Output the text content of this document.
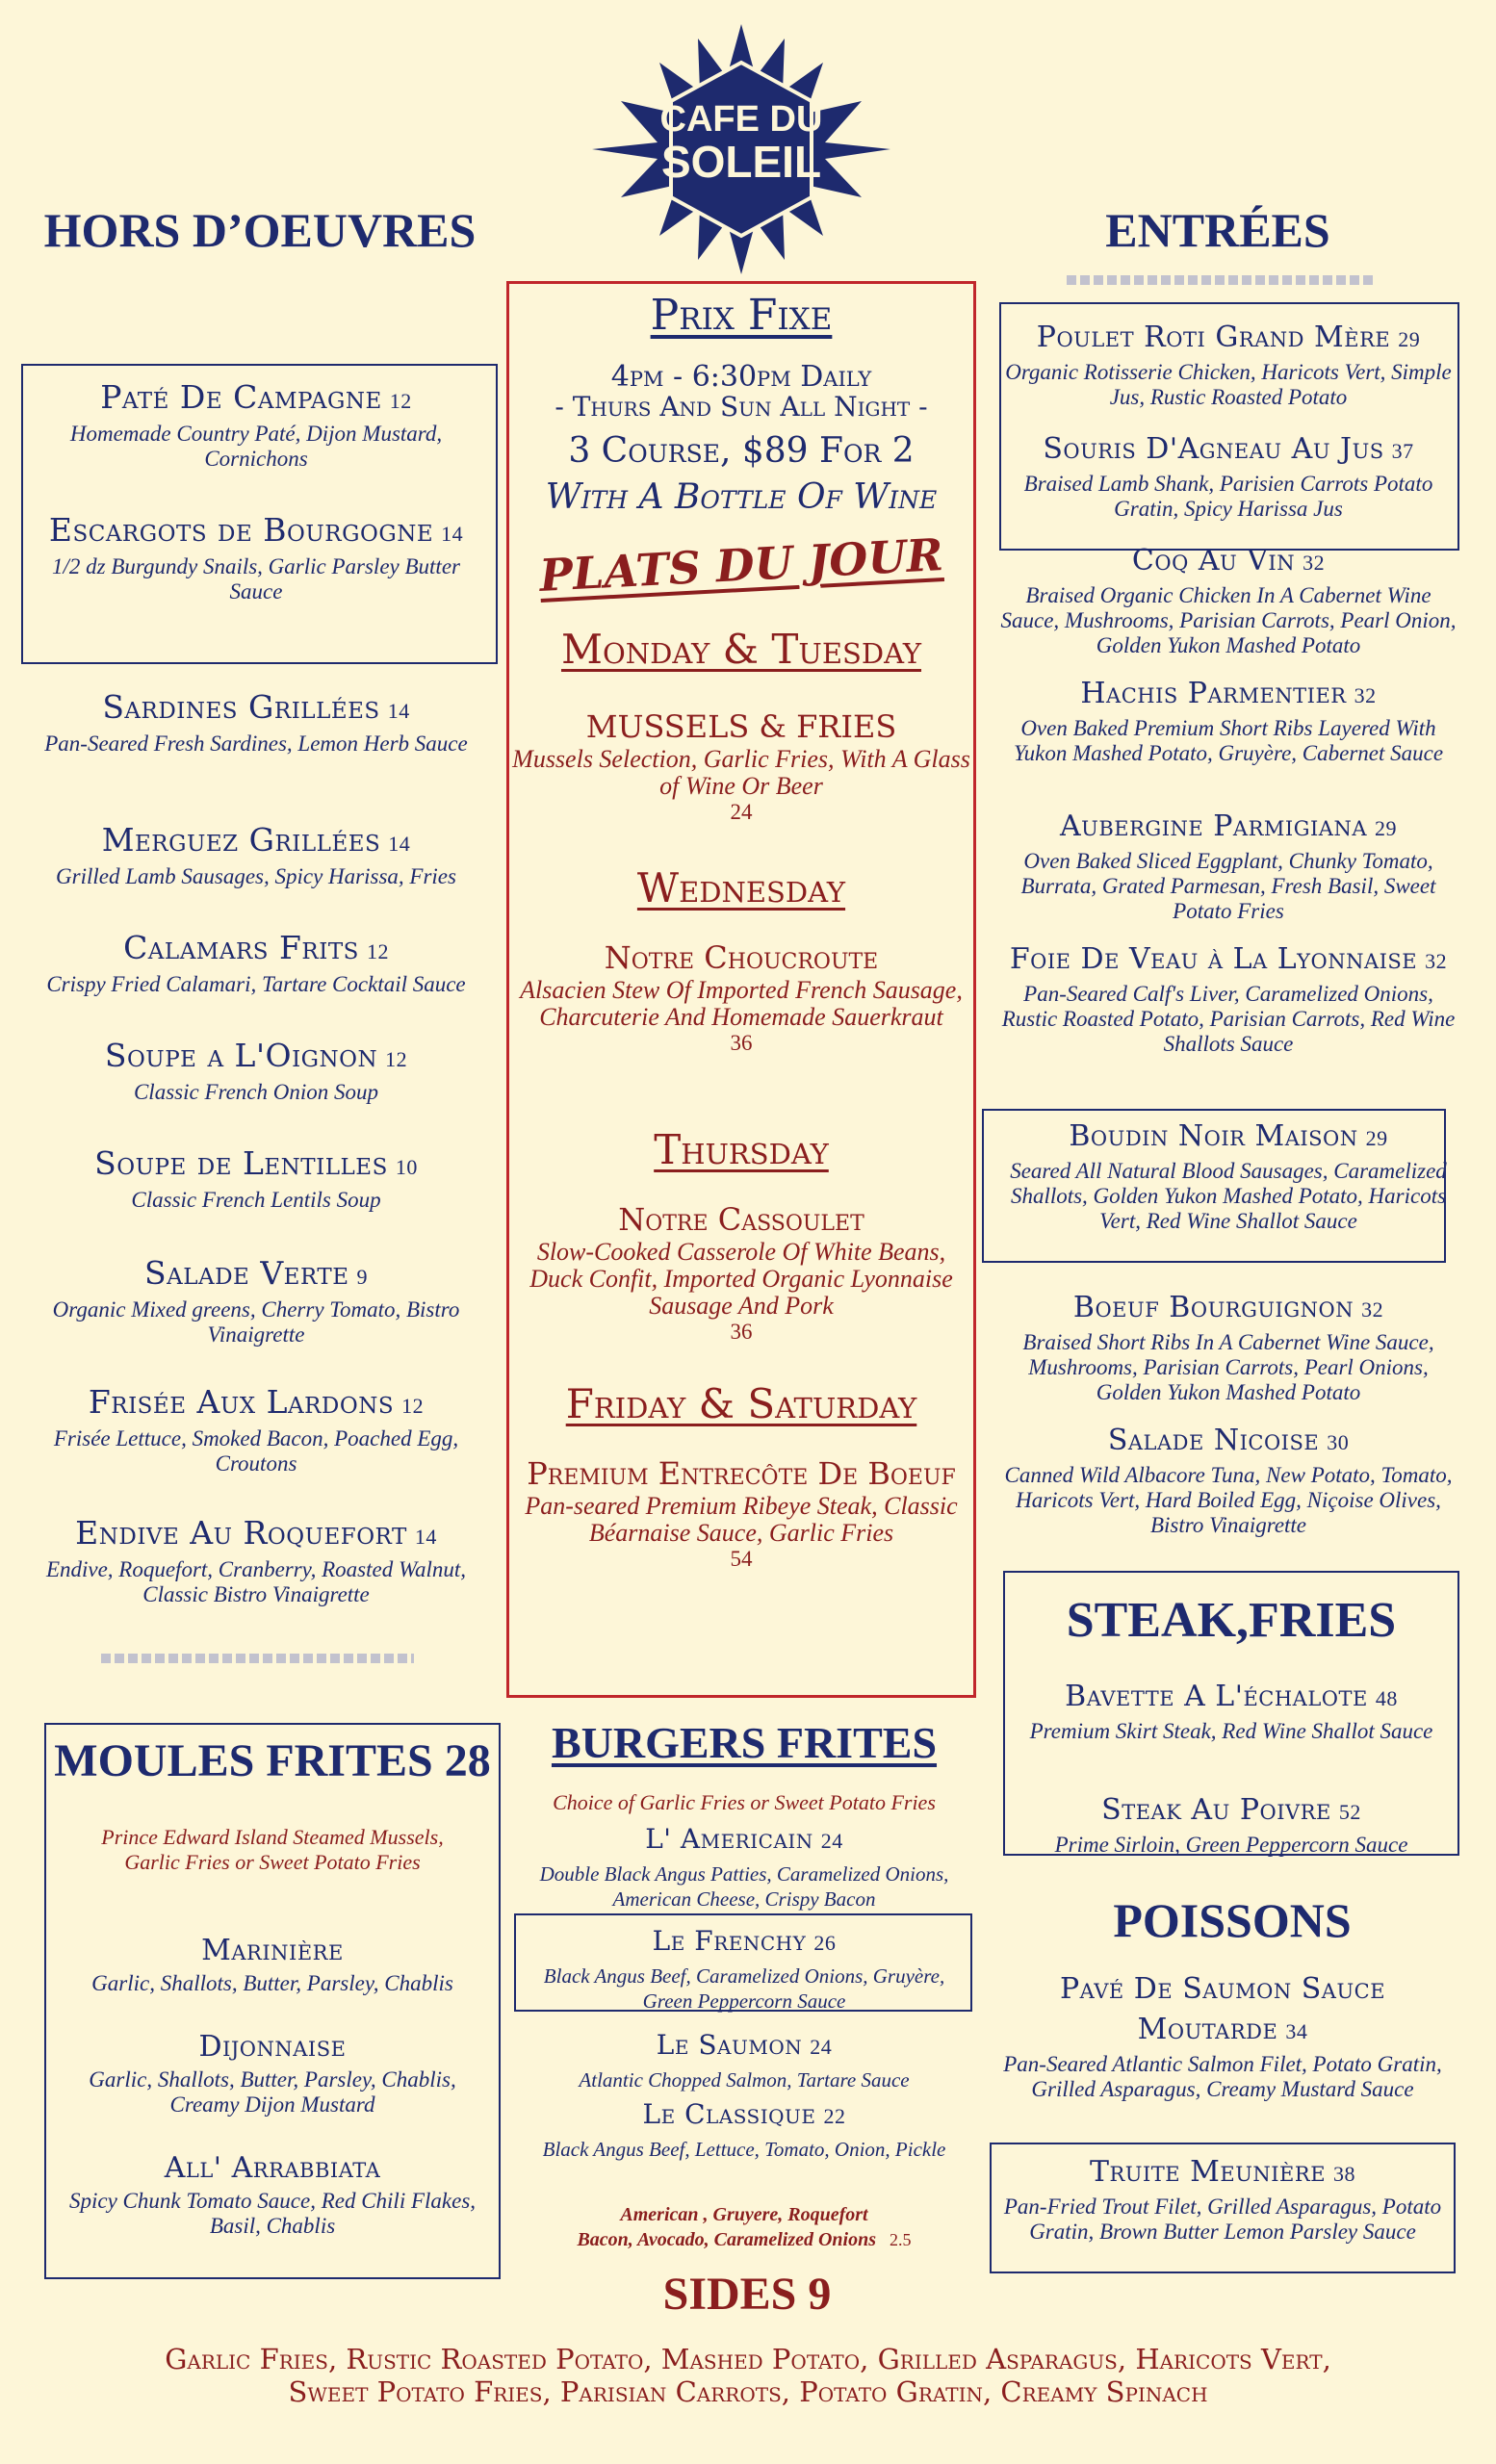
CAFE DU
SOLEIL
HORS D’OEUVRES
Paté De Campagne 12
Homemade Country Paté, Dijon Mustard, Cornichons
Escargots de Bourgogne 14
1/2 dz Burgundy Snails, Garlic Parsley Butter Sauce
Sardines Grillées 14
Pan-Seared Fresh Sardines, Lemon Herb Sauce
Merguez Grillées 14
Grilled Lamb Sausages, Spicy Harissa, Fries
Calamars Frits 12
Crispy Fried Calamari, Tartare Cocktail Sauce
Soupe a L'Oignon 12
Classic French Onion Soup
Soupe de Lentilles 10
Classic French Lentils Soup
Salade Verte 9
Organic Mixed greens, Cherry Tomato, Bistro Vinaigrette
Frisée Aux Lardons 12
Frisée Lettuce, Smoked Bacon, Poached Egg, Croutons
Endive Au Roquefort 14
Endive, Roquefort, Cranberry, Roasted Walnut, Classic Bistro Vinaigrette
Prix Fixe
4pm - 6:30pm Daily
- Thurs And Sun All Night -
3 Course, $89 For 2
With A Bottle Of Wine
PLATS DU JOUR
Monday & Tuesday
MUSSELS & FRIES
Mussels Selection, Garlic Fries, With A Glass of Wine Or Beer
24
Wednesday
Notre Choucroute
Alsacien Stew Of Imported French Sausage, Charcuterie And Homemade Sauerkraut
36
Thursday
Notre Cassoulet
Slow-Cooked Casserole Of White Beans, Duck Confit, Imported Organic Lyonnaise Sausage And Pork
36
Friday & Saturday
Premium Entrecôte De Boeuf
Pan-seared Premium Ribeye Steak, Classic Béarnaise Sauce, Garlic Fries
54
ENTRÉES
Poulet Roti Grand Mère 29
Organic Rotisserie Chicken, Haricots Vert, Simple Jus, Rustic Roasted Potato
Souris D'Agneau Au Jus 37
Braised Lamb Shank, Parisien Carrots Potato Gratin, Spicy Harissa Jus
Coq Au Vin 32
Braised Organic Chicken In A Cabernet Wine Sauce, Mushrooms, Parisian Carrots, Pearl Onion, Golden Yukon Mashed Potato
Hachis Parmentier 32
Oven Baked Premium Short Ribs Layered With Yukon Mashed Potato, Gruyère, Cabernet Sauce
Aubergine Parmigiana 29
Oven Baked Sliced Eggplant, Chunky Tomato, Burrata, Grated Parmesan, Fresh Basil, Sweet Potato Fries
Foie De Veau à La Lyonnaise 32
Pan-Seared Calf's Liver, Caramelized Onions, Rustic Roasted Potato, Parisian Carrots, Red Wine Shallots Sauce
Boudin Noir Maison 29
Seared All Natural Blood Sausages, Caramelized Shallots, Golden Yukon Mashed Potato, Haricots Vert, Red Wine Shallot Sauce
Boeuf Bourguignon 32
Braised Short Ribs In A Cabernet Wine Sauce, Mushrooms, Parisian Carrots, Pearl Onions, Golden Yukon Mashed Potato
Salade Nicoise 30
Canned Wild Albacore Tuna, New Potato, Tomato, Haricots Vert, Hard Boiled Egg, Niçoise Olives, Bistro Vinaigrette
STEAK,FRIES
Bavette A L'échalote 48
Premium Skirt Steak, Red Wine Shallot Sauce
Steak Au Poivre 52
Prime Sirloin, Green Peppercorn Sauce
POISSONS
Pavé De Saumon Sauce Moutarde 34
Pan-Seared Atlantic Salmon Filet, Potato Gratin, Grilled Asparagus, Creamy Mustard Sauce
Truite Meunière 38
Pan-Fried Trout Filet, Grilled Asparagus, Potato Gratin, Brown Butter Lemon Parsley Sauce
MOULES FRITES 28
Prince Edward Island Steamed Mussels, Garlic Fries or Sweet Potato Fries
Marinière
Garlic, Shallots, Butter, Parsley, Chablis
Dijonnaise
Garlic, Shallots, Butter, Parsley, Chablis, Creamy Dijon Mustard
All' Arrabbiata
Spicy Chunk Tomato Sauce, Red Chili Flakes, Basil, Chablis
BURGERS FRITES
Choice of Garlic Fries or Sweet Potato Fries
L' Americain 24
Double Black Angus Patties, Caramelized Onions, American Cheese, Crispy Bacon
Le Frenchy 26
Black Angus Beef, Caramelized Onions, Gruyère, Green Peppercorn Sauce
Le Saumon 24
Atlantic Chopped Salmon, Tartare Sauce
Le Classique 22
Black Angus Beef, Lettuce, Tomato, Onion, Pickle
American , Gruyere, Roquefort
Bacon, Avocado, Caramelized Onions 2.5
SIDES 9
Garlic Fries, Rustic Roasted Potato, Mashed Potato, Grilled Asparagus, Haricots Vert,
Sweet Potato Fries, Parisian Carrots, Potato Gratin, Creamy Spinach
